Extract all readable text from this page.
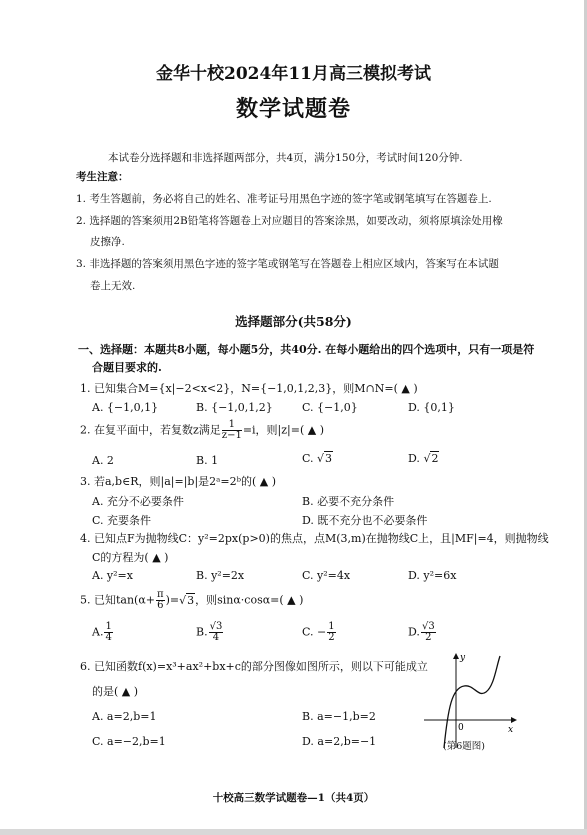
金华十校2024年11月高三模拟考试
数学试题卷
本试卷分选择题和非选择题两部分，共4页，满分150分，考试时间120分钟.
考生注意：
1. 考生答题前，务必将自己的姓名、准考证号用黑色字迹的签字笔或钢笔填写在答题卷上.
2. 选择题的答案须用2B铅笔将答题卷上对应题目的答案涂黑，如要改动，须将原填涂处用橡
皮擦净.
3. 非选择题的答案须用黑色字迹的签字笔或钢笔写在答题卷上相应区域内，答案写在本试题
卷上无效.
选择题部分(共58分)
一、选择题：本题共8小题，每小题5分，共40分. 在每小题给出的四个选项中，只有一项是符
合题目要求的.
1. 已知集合M={x|−2<x<2}，N={−1,0,1,2,3}，则M∩N=( ▲ )
A. {−1,0,1}	B. {−1,0,1,2}	C. {−1,0}	D. {0,1}
2. 在复平面中，若复数z满足 $\frac{1}{z-1} =i$，则|z|=( ▲ )
A. 2	B. 1	C. √3	D. √2
3. 若a,b∈R，则|a|=|b|是2ᵃ=2ᵇ的( ▲ )
A. 充分不必要条件	B. 必要不充分条件
C. 充要条件	D. 既不充分也不必要条件
4. 已知点F为抛物线C：y²=2px(p>0)的焦点，点M(3,m)在抛物线C上，且|MF|=4，则抛物线
C的方程为( ▲ )
A. y²=x	B. y²=2x	C. y²=4x	D. y²=6x
5. 已知$\tan(\alpha+ \frac{\pi}{6} )=√3$，则sinα·cosα=( ▲ )
A. $\frac{1}{4}$	B. $\frac{√3}{4}$	C. − $\frac{1}{2}$	D. $\frac{√3}{2}$
6. 已知函数f(x)=x³+ax²+bx+c的部分图像如图所示，则以下可能成立
的是( ▲ )
A. a=2,b=1	B. a=−1,b=2
C. a=−2,b=1	D. a=2,b=−1
y
x
0
(第6题图)
十校高三数学试题卷—1（共4页）
